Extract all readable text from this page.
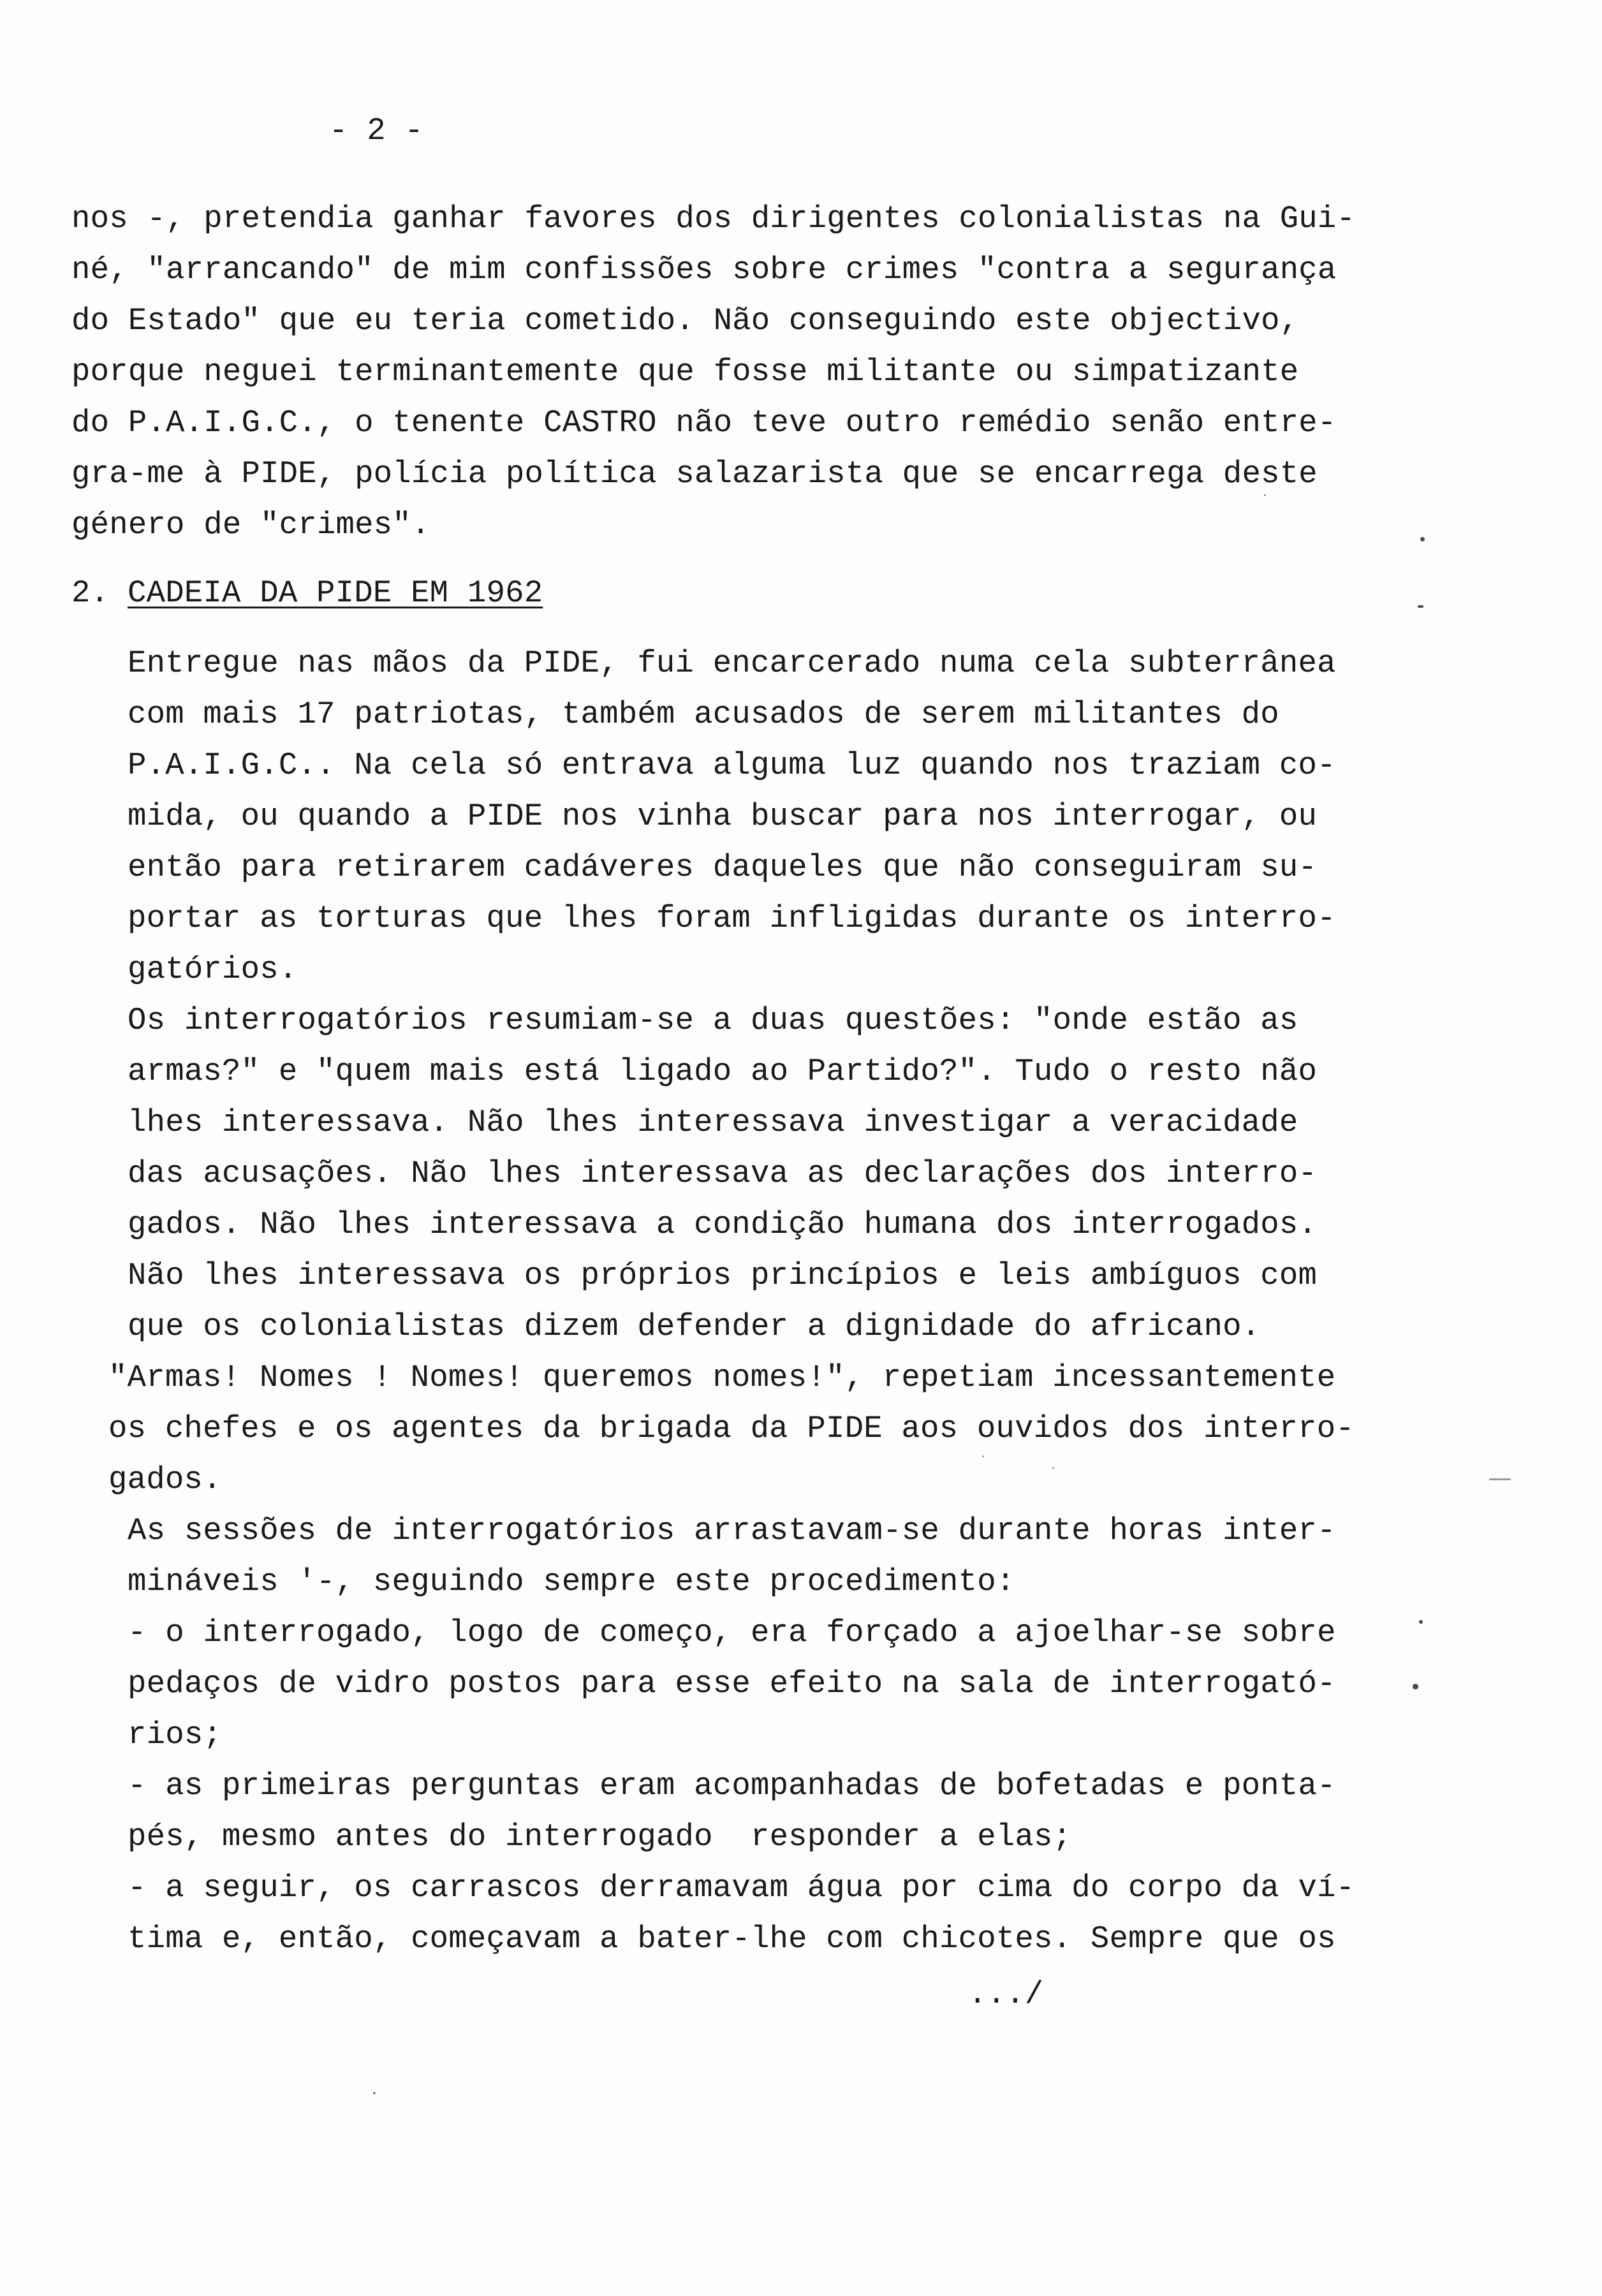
- 2 -
nos -, pretendia ganhar favores dos dirigentes colonialistas na Gui-
né, "arrancando" de mim confissões sobre crimes "contra a segurança
do Estado" que eu teria cometido. Não conseguindo este objectivo,
porque neguei terminantemente que fosse militante ou simpatizante
do P.A.I.G.C., o tenente CASTRO não teve outro remédio senão entre-
gra-me à PIDE, polícia política salazarista que se encarrega deste
género de "crimes".
2. CADEIA DA PIDE EM 1962
Entregue nas mãos da PIDE, fui encarcerado numa cela subterrânea
com mais 17 patriotas, também acusados de serem militantes do
P.A.I.G.C.. Na cela só entrava alguma luz quando nos traziam co-
mida, ou quando a PIDE nos vinha buscar para nos interrogar, ou
então para retirarem cadáveres daqueles que não conseguiram su-
portar as torturas que lhes foram infligidas durante os interro-
gatórios.
Os interrogatórios resumiam-se a duas questões: "onde estão as
armas?" e "quem mais está ligado ao Partido?". Tudo o resto não
lhes interessava. Não lhes interessava investigar a veracidade
das acusações. Não lhes interessava as declarações dos interro-
gados. Não lhes interessava a condição humana dos interrogados.
Não lhes interessava os próprios princípios e leis ambíguos com
que os colonialistas dizem defender a dignidade do africano.
"Armas! Nomes ! Nomes! queremos nomes!", repetiam incessantemente
os chefes e os agentes da brigada da PIDE aos ouvidos dos interro-
gados.
As sessões de interrogatórios arrastavam-se durante horas inter-
mináveis '-, seguindo sempre este procedimento:
- o interrogado, logo de começo, era forçado a ajoelhar-se sobre
pedaços de vidro postos para esse efeito na sala de interrogató-
rios;
- as primeiras perguntas eram acompanhadas de bofetadas e ponta-
pés, mesmo antes do interrogado  responder a elas;
- a seguir, os carrascos derramavam água por cima do corpo da ví-
tima e, então, começavam a bater-lhe com chicotes. Sempre que os
.../
